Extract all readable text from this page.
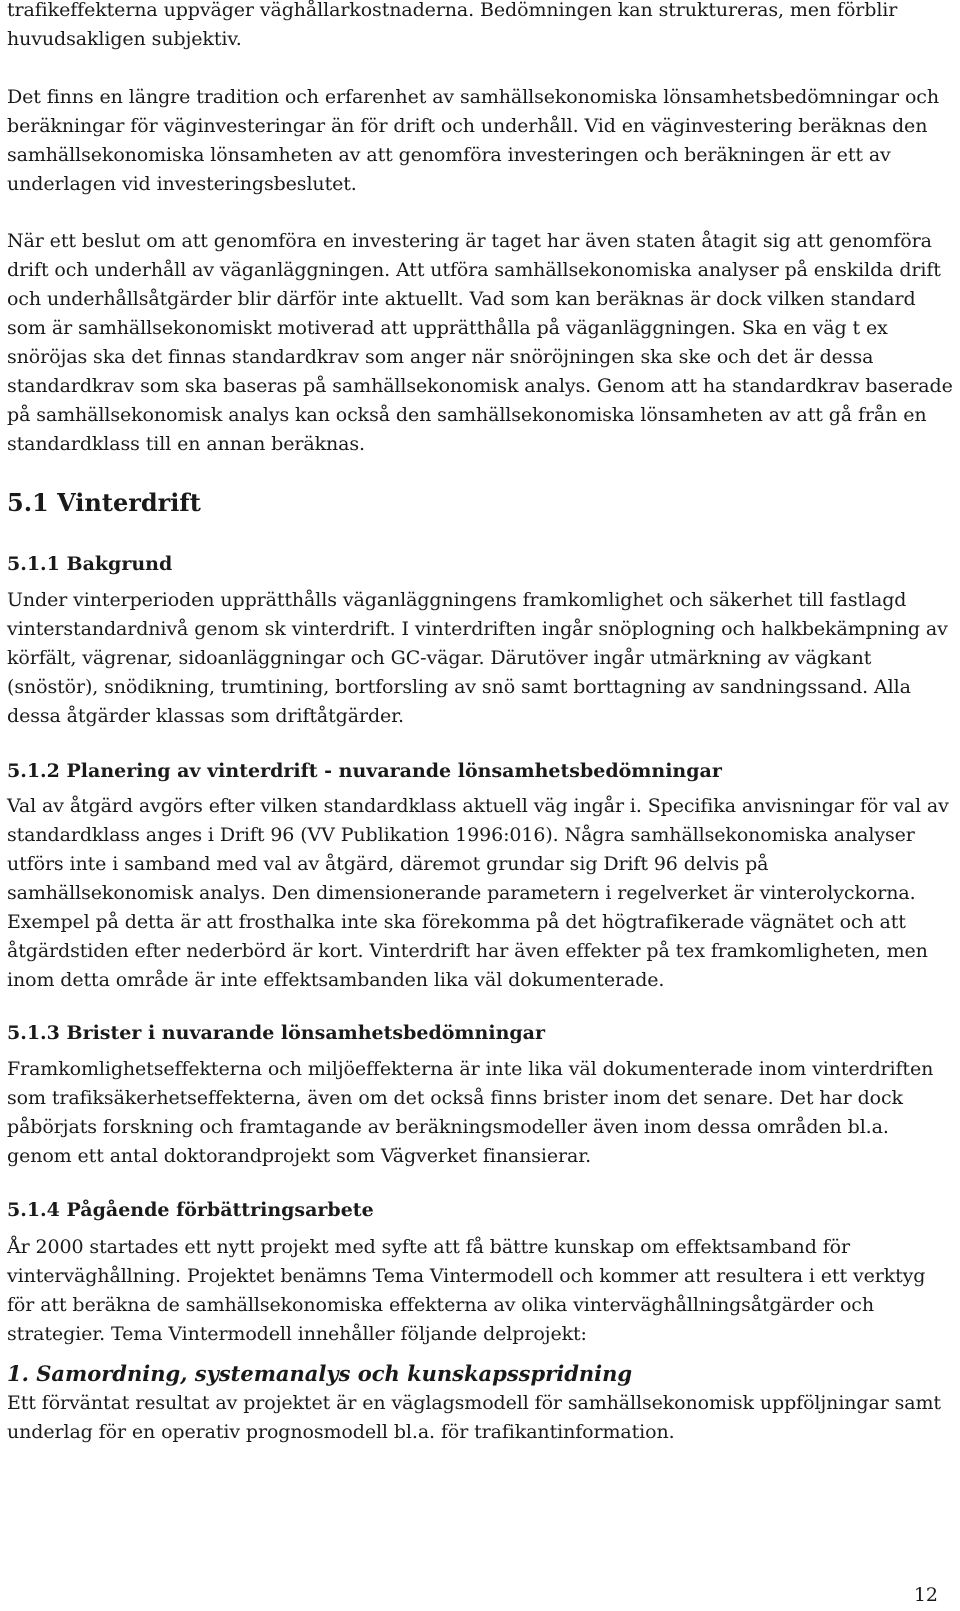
trafikeffekterna uppväger väghållarkostnaderna. Bedömningen kan struktureras, men förblir huvudsakligen subjektiv.

Det finns en längre tradition och erfarenhet av samhällsekonomiska lönsamhetsbedömningar och beräkningar för väginvesteringar än för drift och underhåll. Vid en väginvestering beräknas den samhällsekonomiska lönsamheten av att genomföra investeringen och beräkningen är ett av underlagen vid investeringsbeslutet.

När ett beslut om att genomföra en investering är taget har även staten åtagit sig att genomföra drift och underhåll av väganläggningen. Att utföra samhällsekonomiska analyser på enskilda drift och underhållsåtgärder blir därför inte aktuellt. Vad som kan beräknas är dock vilken standard som är samhällsekonomiskt motiverad att upprätthålla på väganläggningen. Ska en väg t ex snöröjas ska det finnas standardkrav som anger när snöröjningen ska ske och det är dessa standardkrav som ska baseras på samhällsekonomisk analys. Genom att ha standardkrav baserade på samhällsekonomisk analys kan också den samhällsekonomiska lönsamheten av att gå från en standardklass till en annan beräknas.

5.1 Vinterdrift
5.1.1 Bakgrund

Under vinterperioden upprätthålls väganläggningens framkomlighet och säkerhet till fastlagd vinterstandardnivå genom sk vinterdrift. I vinterdriften ingår snöplogning och halkbekämpning av körfält, vägrenar, sidoanläggningar och GC-vägar. Därutöver ingår utmärkning av vägkant (snöstör), snödikning, trumtining, bortforsling av snö samt borttagning av sandningssand. Alla dessa åtgärder klassas som driftåtgärder.

5.1.2 Planering av vinterdrift - nuvarande lönsamhetsbedömningar

Val av åtgärd avgörs efter vilken standardklass aktuell väg ingår i. Specifika anvisningar för val av standardklass anges i Drift 96 (VV Publikation 1996:016). Några samhällsekonomiska analyser utförs inte i samband med val av åtgärd, däremot grundar sig Drift 96 delvis på samhällsekonomisk analys. Den dimensionerande parametern i regelverket är vinterolyckorna. Exempel på detta är att frosthalka inte ska förekomma på det högtrafikerade vägnätet och att åtgärdstiden efter nederbörd är kort. Vinterdrift har även effekter på tex framkomligheten, men inom detta område är inte effektsambanden lika väl dokumenterade.

5.1.3 Brister i nuvarande lönsamhetsbedömningar

Framkomlighetseffekterna och miljöeffekterna är inte lika väl dokumenterade inom vinterdriften som trafiksäkerhetseffekterna, även om det också finns brister inom det senare. Det har dock påbörjats forskning och framtagande av beräkningsmodeller även inom dessa områden bl.a. genom ett antal doktorandprojekt som Vägverket finansierar.

5.1.4 Pågående förbättringsarbete

År 2000 startades ett nytt projekt med syfte att få bättre kunskap om effektsamband för vinterväghållning. Projektet benämns Tema Vintermodell och kommer att resultera i ett verktyg för att beräkna de samhällsekonomiska effekterna av olika vinterväghållningsåtgärder och strategier. Tema Vintermodell innehåller följande delprojekt:

1. Samordning, systemanalys och kunskapsspridning

Ett förväntat resultat av projektet är en väglagsmodell för samhällsekonomisk uppföljningar samt underlag för en operativ prognosmodell bl.a. för trafikantinformation.

12
